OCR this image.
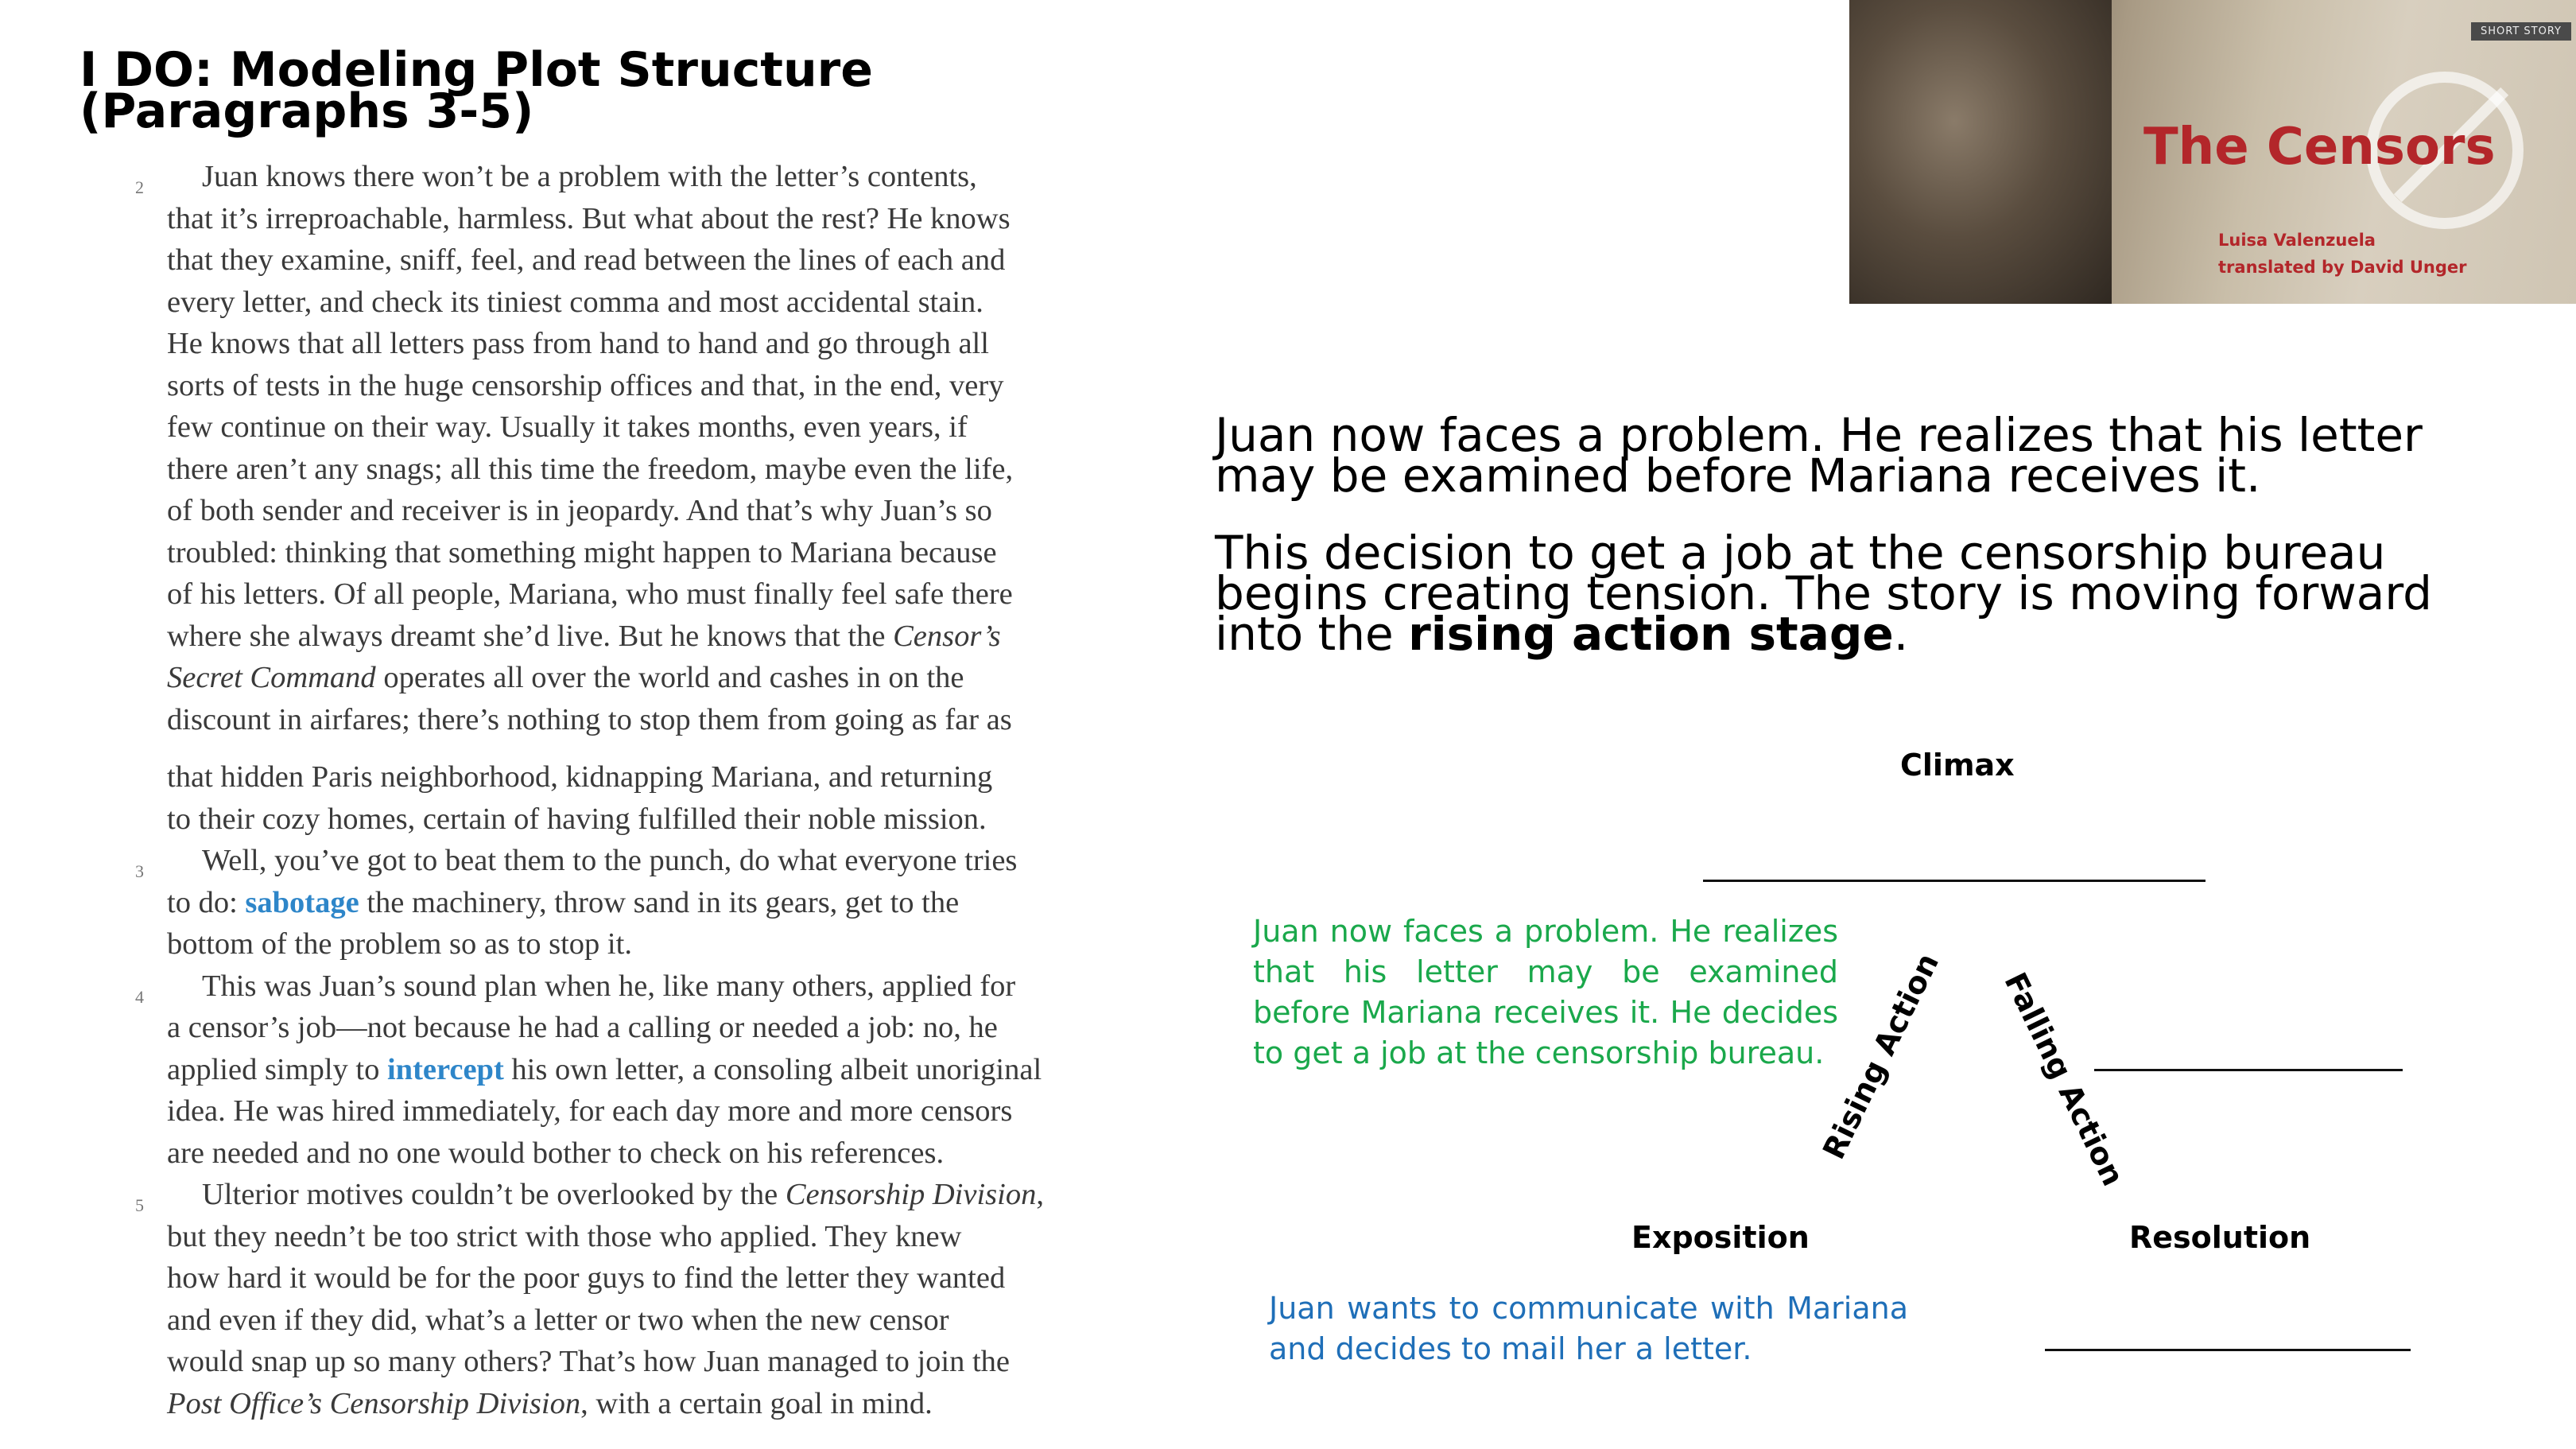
I DO: Modeling Plot Structure
(Paragraphs 3-5)
2	Juan knows there won’t be a problem with the letter’s contents,
that it’s irreproachable, harmless. But what about the rest? He knows
that they examine, sniff, feel, and read between the lines of each and
every letter, and check its tiniest comma and most accidental stain.
He knows that all letters pass from hand to hand and go through all
sorts of tests in the huge censorship offices and that, in the end, very
few continue on their way. Usually it takes months, even years, if
there aren’t any snags; all this time the freedom, maybe even the life,
of both sender and receiver is in jeopardy. And that’s why Juan’s so
troubled: thinking that something might happen to Mariana because
of his letters. Of all people, Mariana, who must finally feel safe there
where she always dreamt she’d live. But he knows that the Censor’s
Secret Command operates all over the world and cashes in on the
discount in airfares; there’s nothing to stop them from going as far as
that hidden Paris neighborhood, kidnapping Mariana, and returning
to their cozy homes, certain of having fulfilled their noble mission.
3	Well, you’ve got to beat them to the punch, do what everyone tries
to do: sabotage the machinery, throw sand in its gears, get to the
bottom of the problem so as to stop it.
4	This was Juan’s sound plan when he, like many others, applied for
a censor’s job—not because he had a calling or needed a job: no, he
applied simply to intercept his own letter, a consoling albeit unoriginal
idea. He was hired immediately, for each day more and more censors
are needed and no one would bother to check on his references.
5	Ulterior motives couldn’t be overlooked by the Censorship Division,
but they needn’t be too strict with those who applied. They knew
how hard it would be for the poor guys to find the letter they wanted
and even if they did, what’s a letter or two when the new censor
would snap up so many others? That’s how Juan managed to join the
Post Office’s Censorship Division, with a certain goal in mind.

SHORT STORY
The Censors
Luisa Valenzuela
translated by David Unger
Juan now faces a problem. He realizes that his letter
may be examined before Mariana receives it.
This decision to get a job at the censorship bureau
begins creating tension. The story is moving forward
into the rising action stage.
Climax
Rising Action Falling Action
Exposition	Resolution
Juan now faces a problem. He realizes that his letter may be examined before Mariana receives it. He decides to get a job at the censorship bureau.
Juan wants to communicate with Mariana and decides to mail her a letter.
